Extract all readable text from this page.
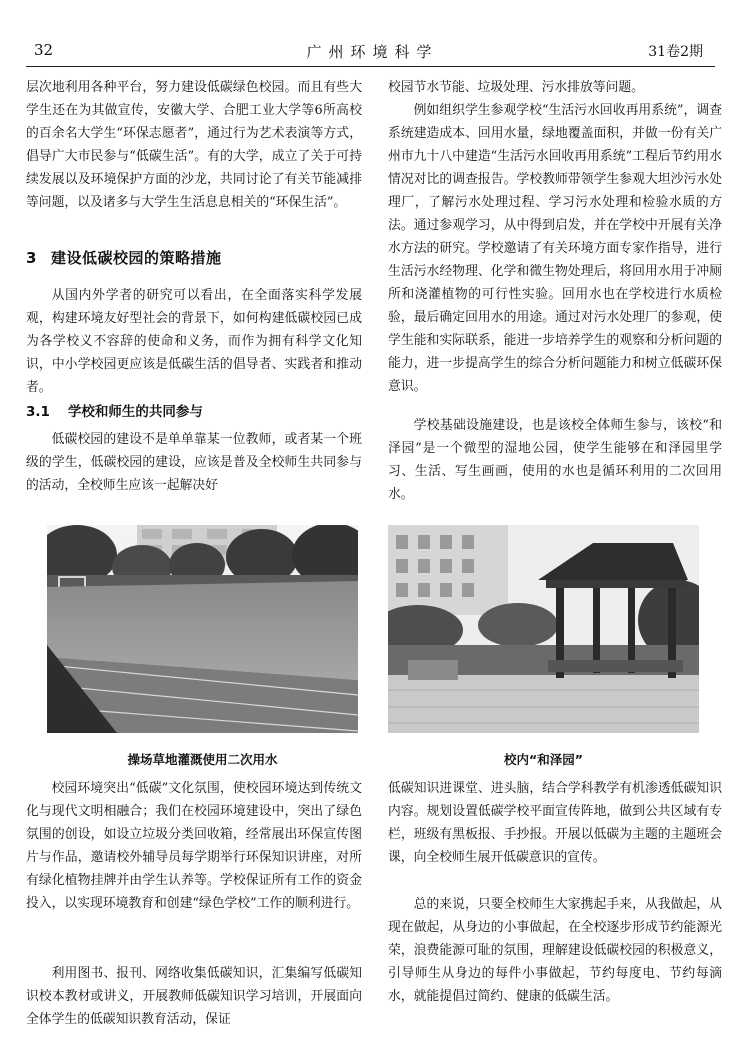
32	广州环境科学	31卷2期

层次地利用各种平台，努力建设低碳绿色校园。而且有些大学生还在为其做宣传，安徽大学、合肥工业大学等6所高校的百余名大学生“环保志愿者”，通过行为艺术表演等方式，倡导广大市民参与“低碳生活”。有的大学，成立了关于可持续发展以及环境保护方面的沙龙，共同讨论了有关节能减排等问题，以及诸多与大学生生活息息相关的“环保生活”。

3 建设低碳校园的策略措施

从国内外学者的研究可以看出，在全面落实科学发展观，构建环境友好型社会的背景下，如何构建低碳校园已成为各学校义不容辞的使命和义务，而作为拥有科学文化知识，中小学校园更应该是低碳生活的倡导者、实践者和推动者。

3.1 学校和师生的共同参与

低碳校园的建设不是单单靠某一位教师，或者某一个班级的学生，低碳校园的建设，应该是普及全校师生共同参与的活动，全校师生应该一起解决好

校园节水节能、垃圾处理、污水排放等问题。

例如组织学生参观学校“生活污水回收再用系统”，调查系统建造成本、回用水量，绿地覆盖面积，并做一份有关广州市九十八中建造“生活污水回收再用系统”工程后节约用水情况对比的调查报告。学校教师带领学生参观大坦沙污水处理厂，了解污水处理过程、学习污水处理和检验水质的方法。通过参观学习，从中得到启发，并在学校中开展有关净水方法的研究。学校邀请了有关环境方面专家作指导，进行生活污水经物理、化学和微生物处理后，将回用水用于冲厕所和浇灌植物的可行性实验。回用水也在学校进行水质检验，最后确定回用水的用途。通过对污水处理厂的参观，使学生能和实际联系，能进一步培养学生的观察和分析问题的能力，进一步提高学生的综合分析问题能力和树立低碳环保意识。

学校基础设施建设，也是该校全体师生参与，该校“和泽园”是一个微型的湿地公园，使学生能够在和泽园里学习、生活、写生画画，使用的水也是循环利用的二次回用水。

操场草地灌溉使用二次用水	校内“和泽园”

校园环境突出“低碳”文化氛围，使校园环境达到传统文化与现代文明相融合；我们在校园环境建设中，突出了绿色氛围的创设，如设立垃圾分类回收箱，经常展出环保宣传图片与作品，邀请校外辅导员每学期举行环保知识讲座，对所有绿化植物挂牌并由学生认养等。学校保证所有工作的资金投入，以实现环境教育和创建“绿色学校”工作的顺利进行。

利用图书、报刊、网络收集低碳知识，汇集编写低碳知识校本教材或讲义，开展教师低碳知识学习培训，开展面向全体学生的低碳知识教育活动，保证

低碳知识进课堂、进头脑，结合学科教学有机渗透低碳知识内容。规划设置低碳学校平面宣传阵地，做到公共区域有专栏，班级有黑板报、手抄报。开展以低碳为主题的主题班会课，向全校师生展开低碳意识的宣传。

总的来说，只要全校师生大家携起手来，从我做起，从现在做起，从身边的小事做起，在全校逐步形成节约能源光荣，浪费能源可耻的氛围，理解建设低碳校园的积极意义，引导师生从身边的每件小事做起，节约每度电、节约每滴水，就能提倡过简约、健康的低碳生活。
